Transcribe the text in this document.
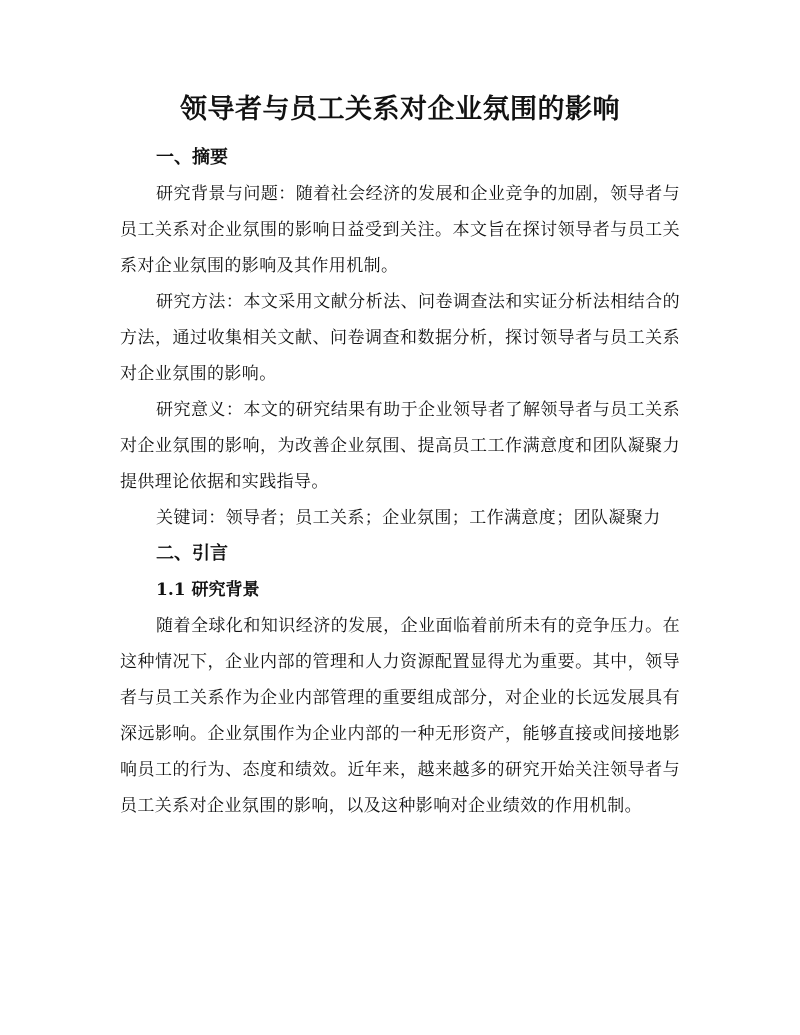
领导者与员工关系对企业氛围的影响
一、摘要

研究背景与问题：随着社会经济的发展和企业竞争的加剧，领导者与员工关系对企业氛围的影响日益受到关注。本文旨在探讨领导者与员工关系对企业氛围的影响及其作用机制。

研究方法：本文采用文献分析法、问卷调查法和实证分析法相结合的方法，通过收集相关文献、问卷调查和数据分析，探讨领导者与员工关系对企业氛围的影响。

研究意义：本文的研究结果有助于企业领导者了解领导者与员工关系对企业氛围的影响，为改善企业氛围、提高员工工作满意度和团队凝聚力提供理论依据和实践指导。

关键词：领导者；员工关系；企业氛围；工作满意度；团队凝聚力

二、引言
1.1 研究背景

随着全球化和知识经济的发展，企业面临着前所未有的竞争压力。在这种情况下，企业内部的管理和人力资源配置显得尤为重要。其中，领导者与员工关系作为企业内部管理的重要组成部分，对企业的长远发展具有深远影响。企业氛围作为企业内部的一种无形资产，能够直接或间接地影响员工的行为、态度和绩效。近年来，越来越多的研究开始关注领导者与员工关系对企业氛围的影响，以及这种影响对企业绩效的作用机制。
